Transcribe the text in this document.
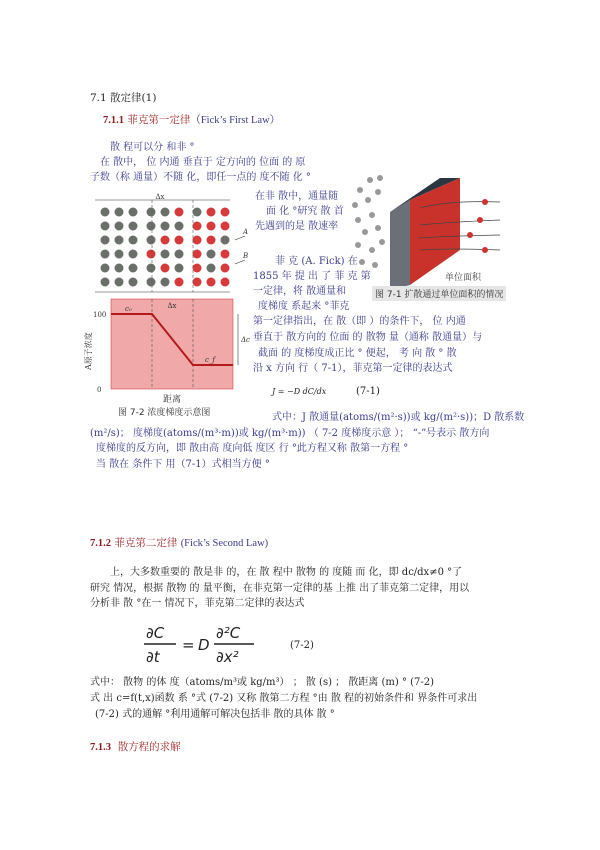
7.1 散定律(1)
7.1.1 菲克第一定律（Fick’s First Law）
散 程可以分 和非 °
在 散中， 位 内通 垂直于 定方向的 位面 的 原
子数（称 通量）不随 化，即任一点的 度不随 化 °
在非 散中，通量随
面 化 °研究 散 首
先遇到的是 散速率
菲 克 (A. Fick) 在
1855 年 提 出 了 菲 克 第
一定律，将 散通量和
度梯度 系起来 °菲克
第一定律指出，在 散（即 ）的条件下， 位 内通
垂直于 散方向的 位面 的 散物 量（通称 散通量）与
截面 的 度梯度成正比 ° 便起， 考 向 散 ° 散
沿 x 方向 行（ 7-1），菲克第一定律的表达式
J = −D dC/dx	(7-1)
式中：J 散通量(atoms/(m²·s))或 kg/(m²·s))；D 散系数
(m²/s)； 度梯度(atoms/(m³·m))或 kg/(m³·m)) （ 7-2 度梯度示意 ）； “-”号表示 散方向
度梯度的反方向，即 散由高 度向低 度区 行 °此方程又称 散第一方程 °
当 散在 条件下 用（7-1）式相当方便 °
单位面积
图 7-1 扩散通过单位面积的情况
Δx
A
B
c₀
c_f
Δx
100
0
A原子浓度	Δc
距离
图 7-2 浓度梯度示意图
7.1.2 菲克第二定律 (Fick’s Second Law)
上，大多数重要的 散是非 的，在 散 程中 散物 的 度随 而 化，即 dc/dx≠0 °了
研究 情况，根据 散物 的 量平衡，在非克第一定律的基 上推 出了菲克第二定律，用以
分析非 散 °在一 情况下，菲克第二定律的表达式
∂C
∂t
= D
∂²C
∂x²
(7-2)
式中： 散物 的体 度（atoms/m³或 kg/m³） ； 散 (s) ； 散距离 (m) ° (7-2)
式 出 c=f(t,x)函数 系 °式 (7-2) 又称 散第二方程 °由 散 程的初始条件和 界条件可求出
(7-2) 式的通解 °利用通解可解决包括非 散的具体 散 °
7.1.3 散方程的求解
